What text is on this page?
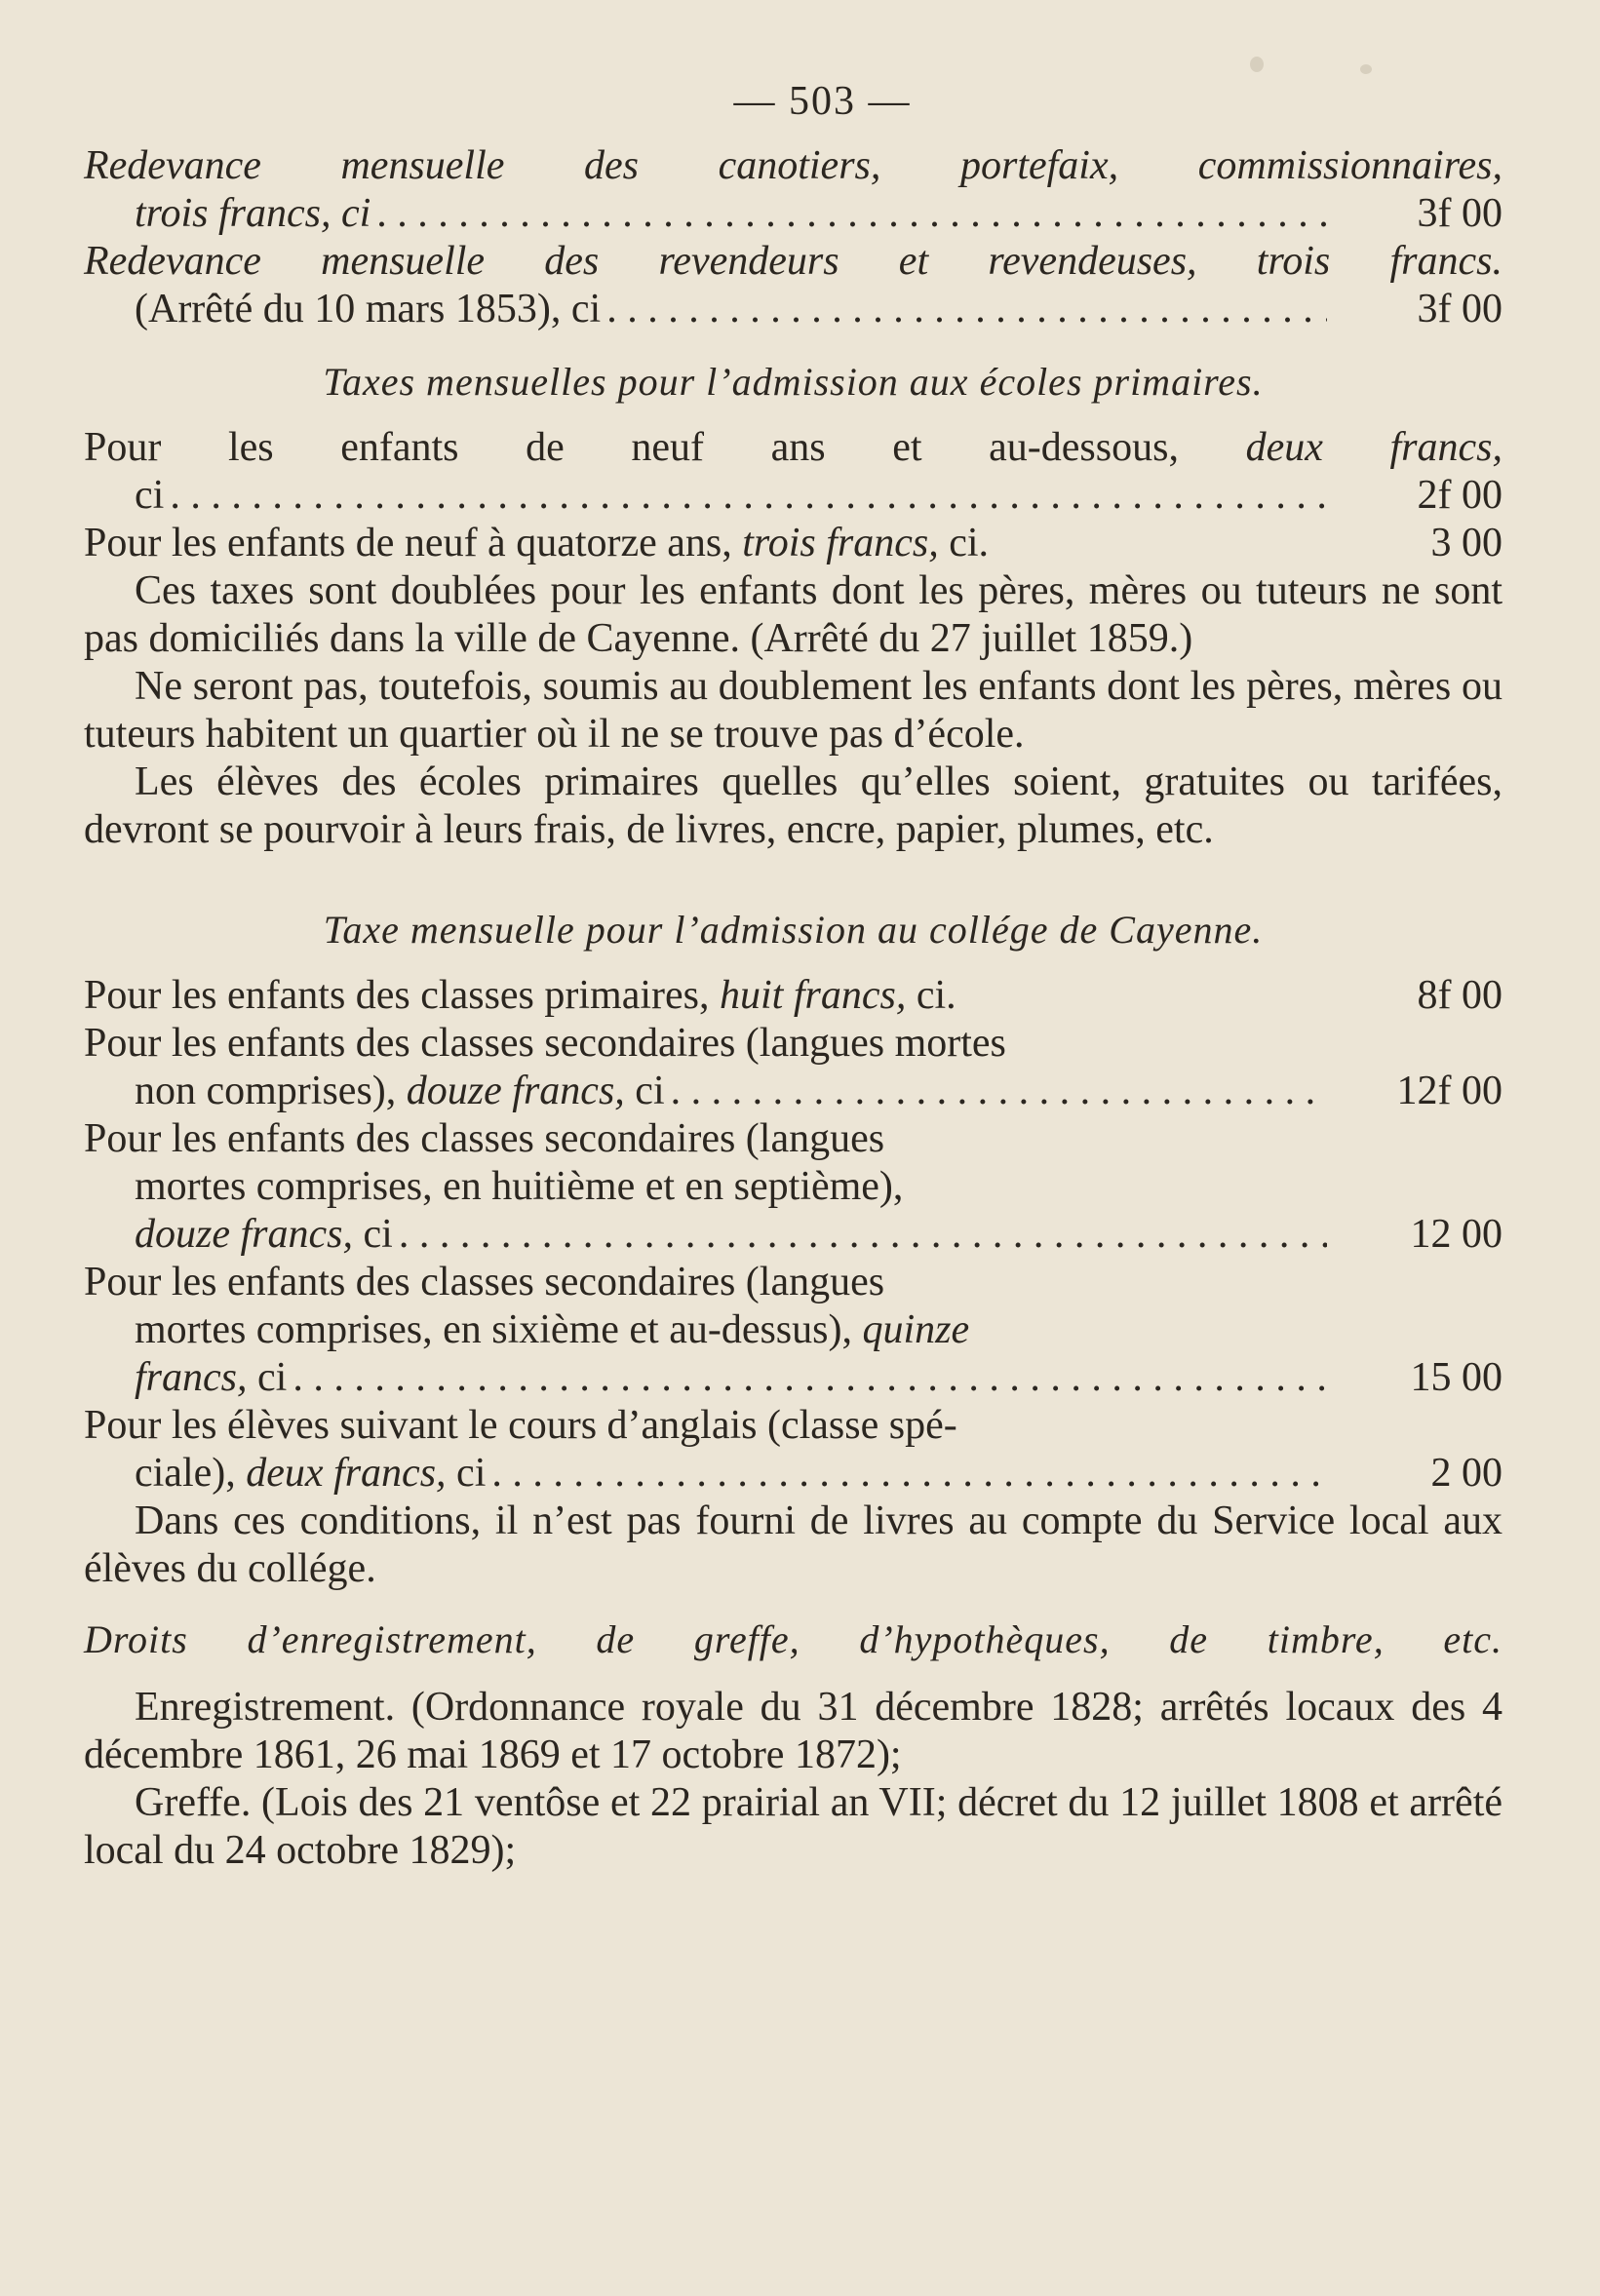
— 503 —
Redevance mensuelle des canotiers, portefaix, commissionnaires,
trois francs, ci . . .	3f 00
Redevance mensuelle des revendeurs et revendeuses, trois francs.
(Arrêté du 10 mars 1853), ci . . .	3f 00
Taxes mensuelles pour l’admission aux écoles primaires.
Pour les enfants de neuf ans et au-dessous, deux francs,
ci . . .	2f 00
Pour les enfants de neuf à quatorze ans, trois francs, ci.	3 00

Ces taxes sont doublées pour les enfants dont les pères, mères ou tuteurs ne sont pas domiciliés dans la ville de Cayenne. (Arrêté du 27 juillet 1859.)

Ne seront pas, toutefois, soumis au doublement les enfants dont les pères, mères ou tuteurs habitent un quartier où il ne se trouve pas d’école.

Les élèves des écoles primaires quelles qu’elles soient, gratuites ou tarifées, devront se pourvoir à leurs frais, de livres, encre, papier, plumes, etc.

Taxe mensuelle pour l’admission au collége de Cayenne.
Pour les enfants des classes primaires, huit francs, ci.	8f 00
Pour les enfants des classes secondaires (langues mortes
non comprises), douze francs, ci . . .	12f 00
Pour les enfants des classes secondaires (langues
mortes comprises, en huitième et en septième),
douze francs, ci . . .	12 00
Pour les enfants des classes secondaires (langues
mortes comprises, en sixième et au-dessus), quinze
francs, ci . . .	15 00
Pour les élèves suivant le cours d’anglais (classe spé-
ciale), deux francs, ci . . .	2 00

Dans ces conditions, il n’est pas fourni de livres au compte du Service local aux élèves du collége.

Droits d’enregistrement, de greffe, d’hypothèques, de timbre, etc.

Enregistrement. (Ordonnance royale du 31 décembre 1828; arrêtés locaux des 4 décembre 1861, 26 mai 1869 et 17 octobre 1872);

Greffe. (Lois des 21 ventôse et 22 prairial an VII; décret du 12 juillet 1808 et arrêté local du 24 octobre 1829);
